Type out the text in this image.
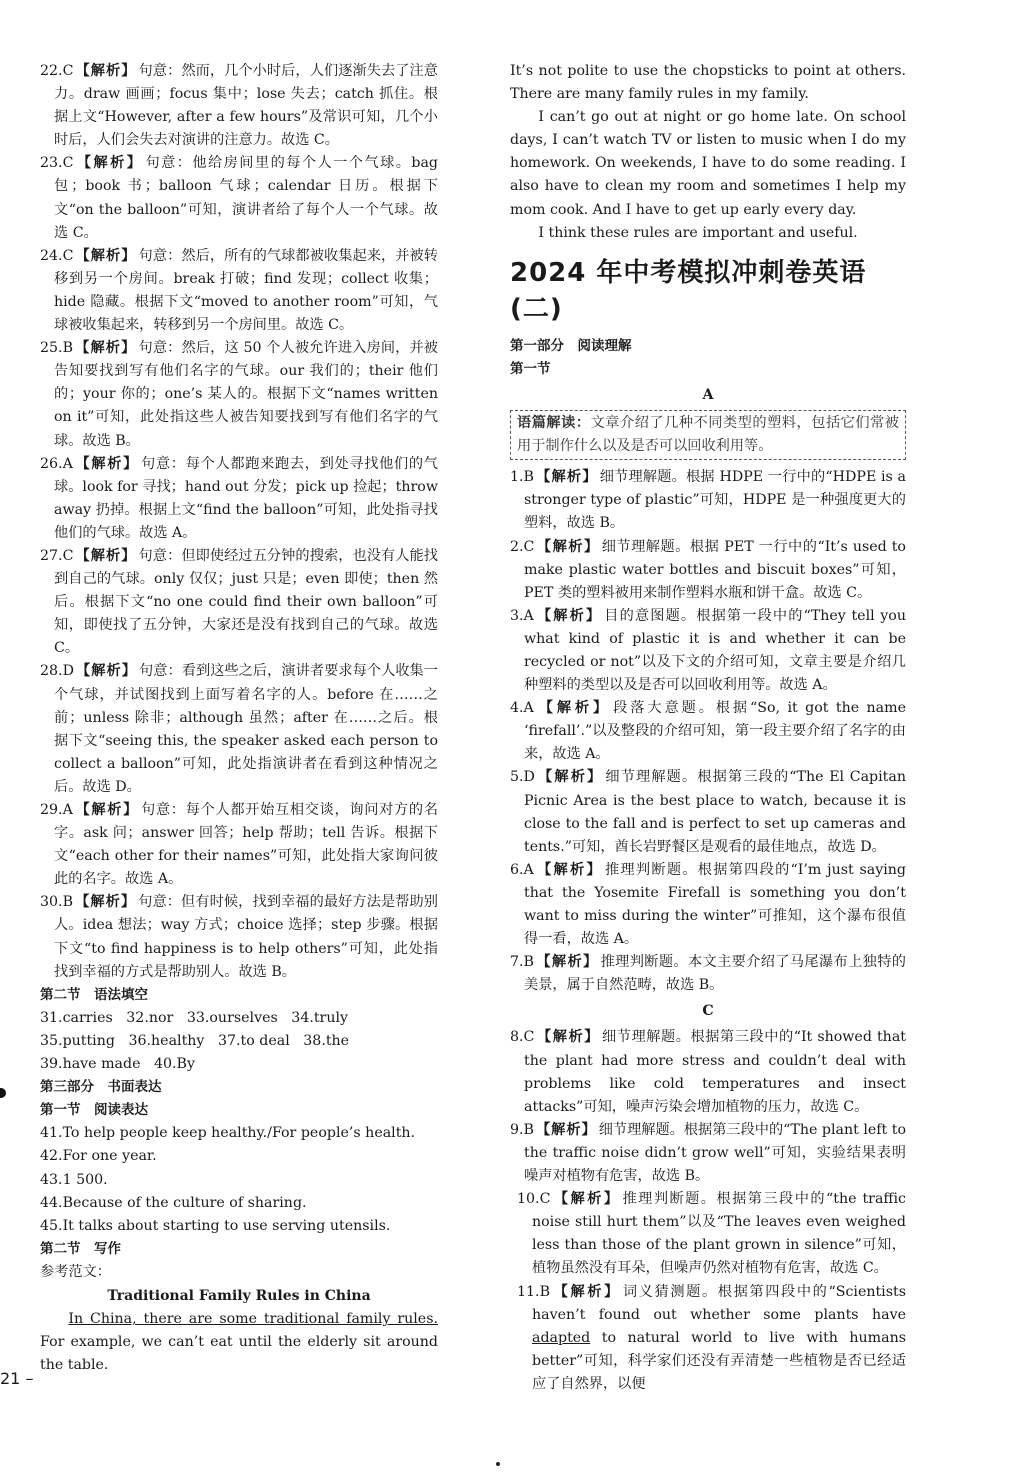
22.C 【解析】 句意：然而，几个小时后，人们逐渐失去了注意力。draw 画画；focus 集中；lose 失去；catch 抓住。根据上文“However, after a few hours”及常识可知，几个小时后，人们会失去对演讲的注意力。故选 C。

23.C 【解析】 句意：他给房间里的每个人一个气球。bag 包；book 书；balloon 气球；calendar 日历。根据下文“on the balloon”可知，演讲者给了每个人一个气球。故选 C。

24.C 【解析】 句意：然后，所有的气球都被收集起来，并被转移到另一个房间。break 打破；find 发现；collect 收集；hide 隐藏。根据下文“moved to another room”可知，气球被收集起来，转移到另一个房间里。故选 C。

25.B 【解析】 句意：然后，这 50 个人被允许进入房间，并被告知要找到写有他们名字的气球。our 我们的；their 他们的；your 你的；one’s 某人的。根据下文“names written on it”可知，此处指这些人被告知要找到写有他们名字的气球。故选 B。

26.A 【解析】 句意：每个人都跑来跑去，到处寻找他们的气球。look for 寻找；hand out 分发；pick up 捡起；throw away 扔掉。根据上文“find the balloon”可知，此处指寻找他们的气球。故选 A。

27.C 【解析】 句意：但即使经过五分钟的搜索，也没有人能找到自己的气球。only 仅仅；just 只是；even 即使；then 然后。根据下文“no one could find their own balloon”可知，即使找了五分钟，大家还是没有找到自己的气球。故选 C。

28.D 【解析】 句意：看到这些之后，演讲者要求每个人收集一个气球，并试图找到上面写着名字的人。before 在……之前；unless 除非；although 虽然；after 在……之后。根据下文“seeing this, the speaker asked each person to collect a balloon”可知，此处指演讲者在看到这种情况之后。故选 D。

29.A 【解析】 句意：每个人都开始互相交谈，询问对方的名字。ask 问；answer 回答；help 帮助；tell 告诉。根据下文“each other for their names”可知，此处指大家询问彼此的名字。故选 A。

30.B 【解析】 句意：但有时候，找到幸福的最好方法是帮助别人。idea 想法；way 方式；choice 选择；step 步骤。根据下文“to find happiness is to help others”可知，此处指找到幸福的方式是帮助别人。故选 B。

第二节　语法填空

31.carries   32.nor   33.ourselves   34.truly

35.putting   36.healthy   37.to deal   38.the

39.have made   40.By

第三部分　书面表达

第一节　阅读表达

41.To help people keep healthy./For people’s health.

42.For one year.

43.1 500.

44.Because of the culture of sharing.

45.It talks about starting to use serving utensils.

第二节　写作

参考范文：

Traditional Family Rules in China

In China, there are some traditional family rules. For example, we can’t eat until the elderly sit around the table.

It’s not polite to use the chopsticks to point at others. There are many family rules in my family.

I can’t go out at night or go home late. On school days, I can’t watch TV or listen to music when I do my homework. On weekends, I have to do some reading. I also have to clean my room and sometimes I help my mom cook. And I have to get up early every day.

I think these rules are important and useful.

2024 年中考模拟冲刺卷英语(二)

第一部分　阅读理解

第一节

A

语篇解读：文章介绍了几种不同类型的塑料，包括它们常被用于制作什么以及是否可以回收利用等。

1.B 【解析】 细节理解题。根据 HDPE 一行中的“HDPE is a stronger type of plastic”可知，HDPE 是一种强度更大的塑料，故选 B。

2.C 【解析】 细节理解题。根据 PET 一行中的“It’s used to make plastic water bottles and biscuit boxes”可知，PET 类的塑料被用来制作塑料水瓶和饼干盒。故选 C。

3.A 【解析】 目的意图题。根据第一段中的“They tell you what kind of plastic it is and whether it can be recycled or not”以及下文的介绍可知，文章主要是介绍几种塑料的类型以及是否可以回收利用等。故选 A。

4.A 【解析】 段落大意题。根据“So, it got the name ‘firefall’.”以及整段的介绍可知，第一段主要介绍了名字的由来，故选 A。

5.D 【解析】 细节理解题。根据第三段的“The El Capitan Picnic Area is the best place to watch, because it is close to the fall and is perfect to set up cameras and tents.”可知，酋长岩野餐区是观看的最佳地点，故选 D。

6.A 【解析】 推理判断题。根据第四段的“I’m just saying that the Yosemite Firefall is something you don’t want to miss during the winter”可推知，这个瀑布很值得一看，故选 A。

7.B 【解析】 推理判断题。本文主要介绍了马尾瀑布上独特的美景，属于自然范畴，故选 B。

C

8.C 【解析】 细节理解题。根据第三段中的“It showed that the plant had more stress and couldn’t deal with problems like cold temperatures and insect attacks”可知，噪声污染会增加植物的压力，故选 C。

9.B 【解析】 细节理解题。根据第三段中的“The plant left to the traffic noise didn’t grow well”可知，实验结果表明噪声对植物有危害，故选 B。

10.C 【解析】 推理判断题。根据第三段中的“the traffic noise still hurt them”以及“The leaves even weighed less than those of the plant grown in silence”可知，植物虽然没有耳朵，但噪声仍然对植物有危害，故选 C。

11.B 【解析】 词义猜测题。根据第四段中的“Scientists haven’t found out whether some plants have adapted to natural world to live with humans better”可知，科学家们还没有弄清楚一些植物是否已经适应了自然界，以便

21 –
